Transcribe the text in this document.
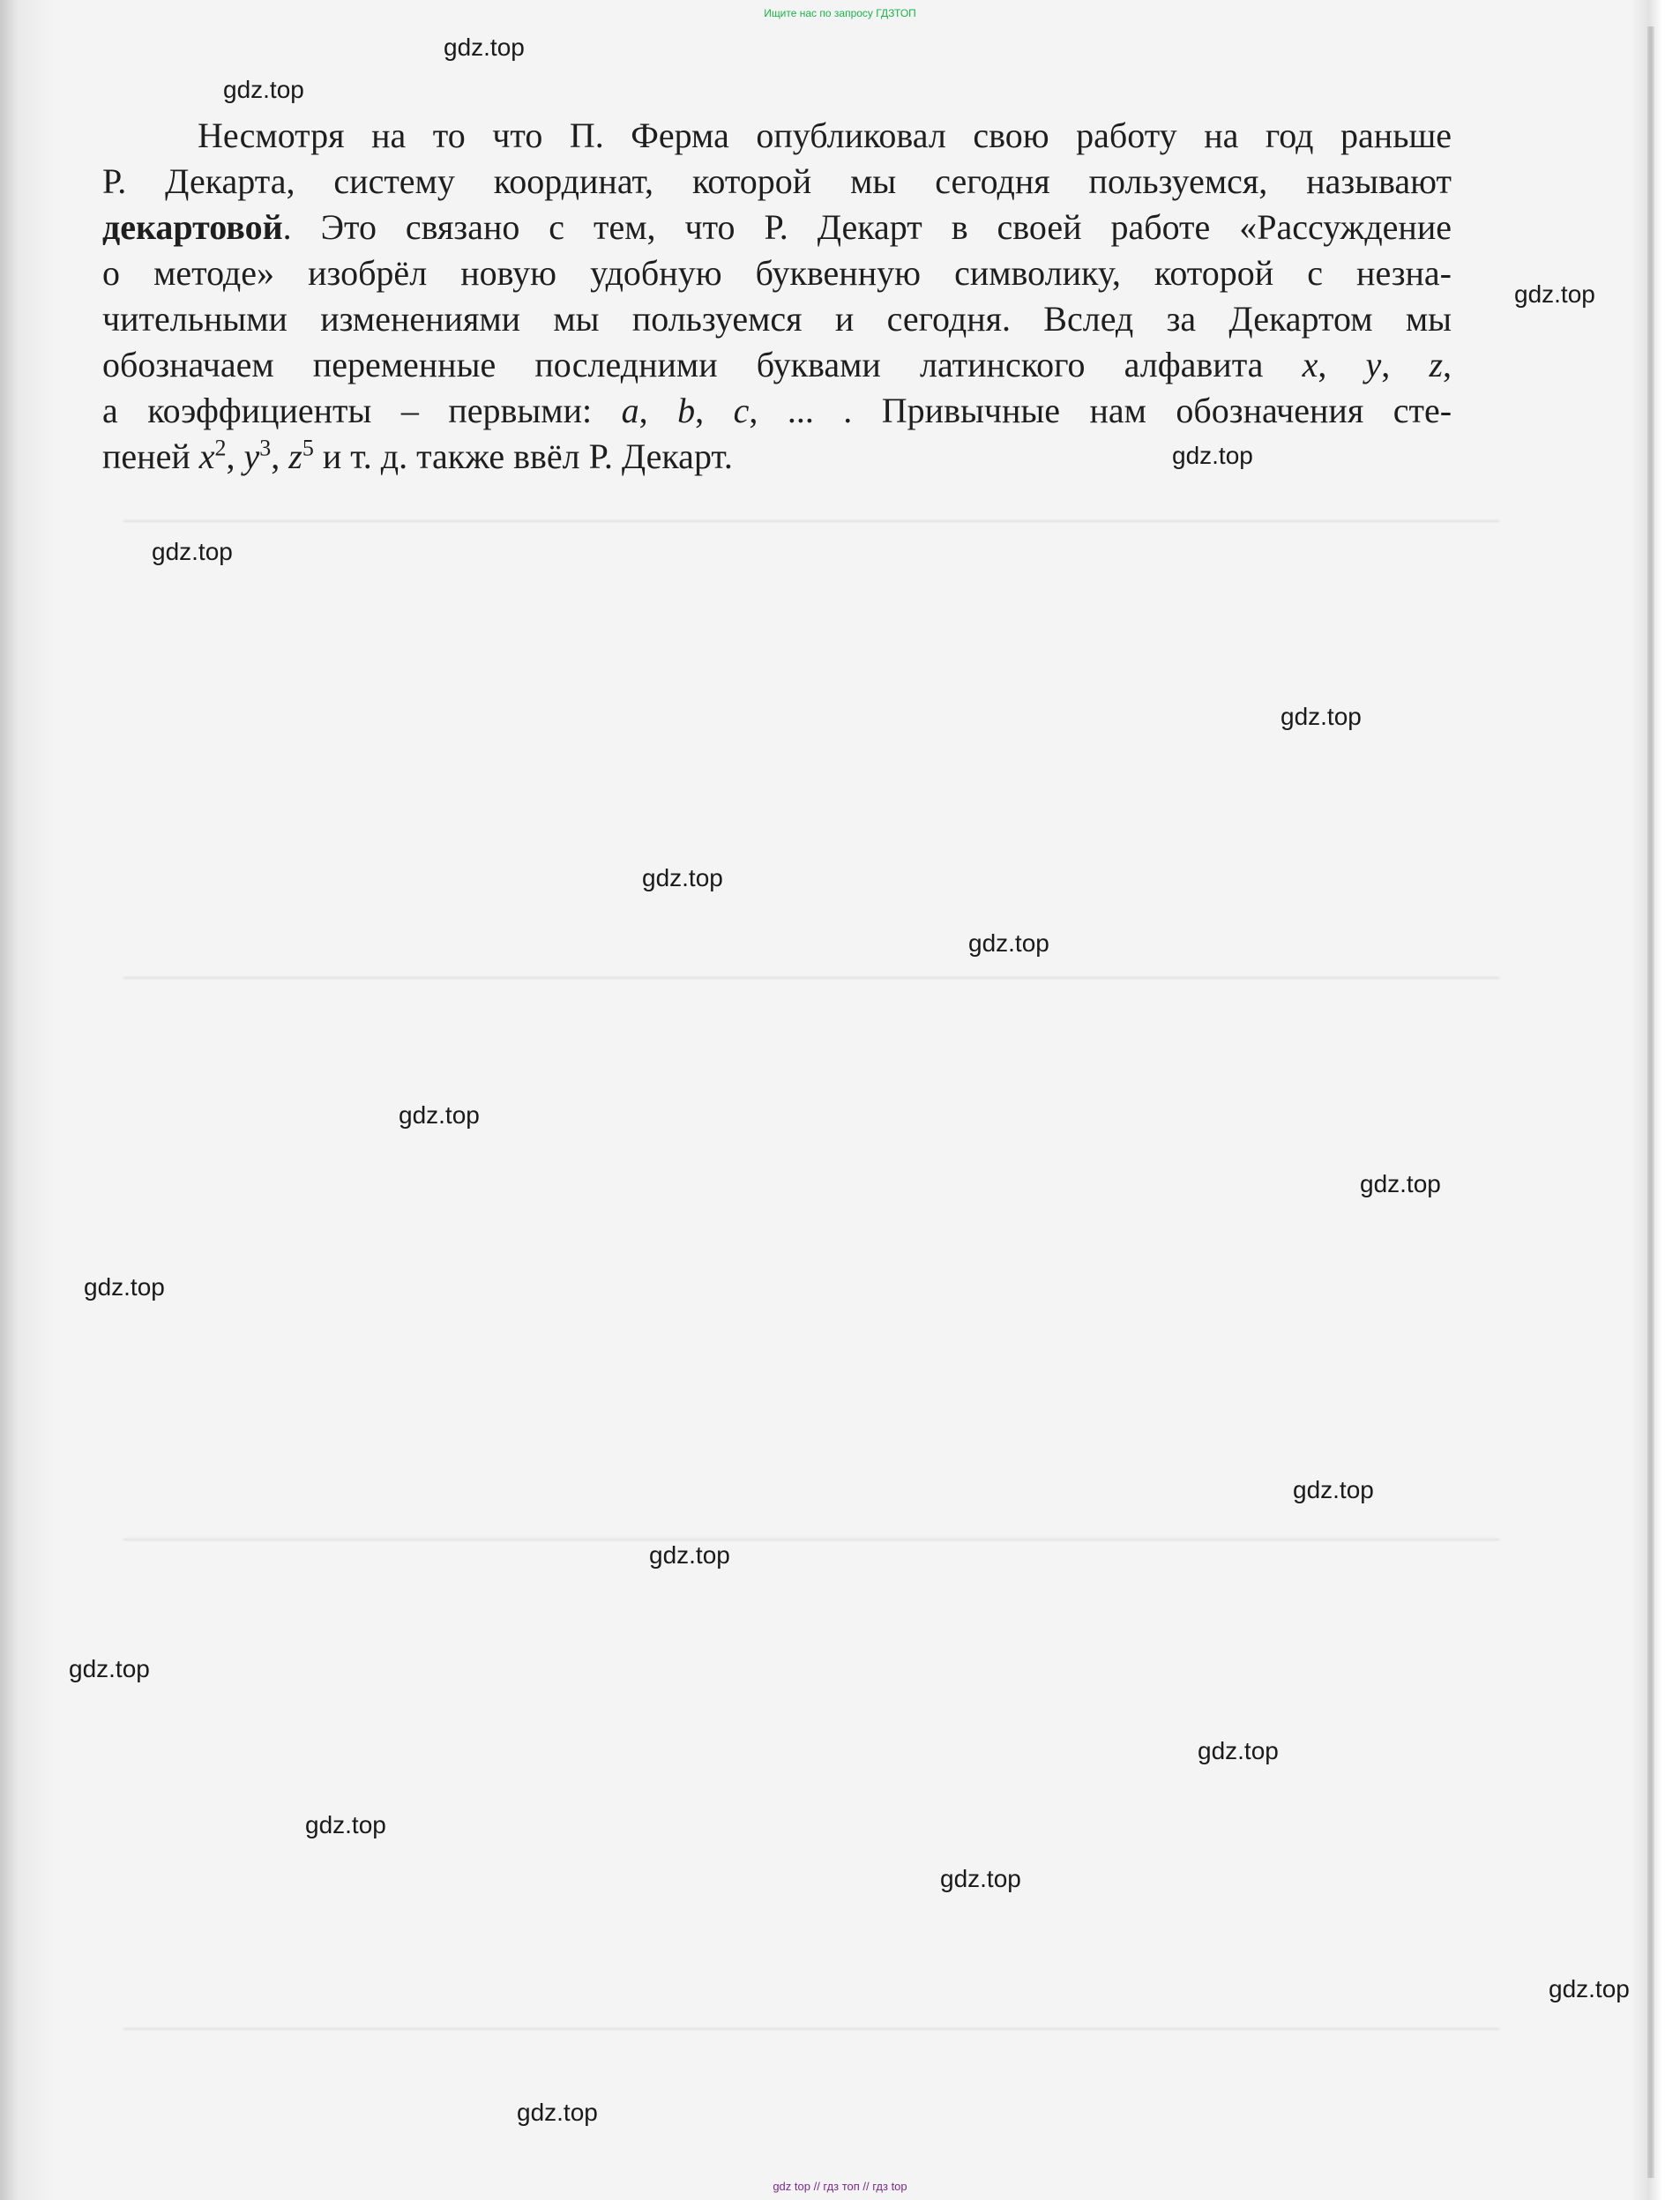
Ищите нас по запросу ГДЗТОП
Несмотря на то что П. Ферма опубликовал свою работу на год раньше
Р. Декарта, систему координат, которой мы сегодня пользуемся, называют
декартовой. Это связано с тем, что Р. Декарт в своей работе «Рассуждение
о методе» изобрёл новую удобную буквенную символику, которой с незна-
чительными изменениями мы пользуемся и сегодня. Вслед за Декартом мы
обозначаем переменные последними буквами латинского алфавита x, y, z,
а коэффициенты – первыми: a, b, c, ... . Привычные нам обозначения сте-
пеней $x^2$, $y^3$, $z^5$ и т. д. также ввёл Р. Декарт.
gdz.top
gdz.top
gdz.top
gdz.top
gdz.top
gdz.top
gdz.top
gdz.top
gdz.top
gdz.top
gdz.top
gdz.top
gdz.top
gdz.top
gdz.top
gdz.top
gdz.top
gdz.top
gdz.top
gdz top // гдз топ // гдз top
